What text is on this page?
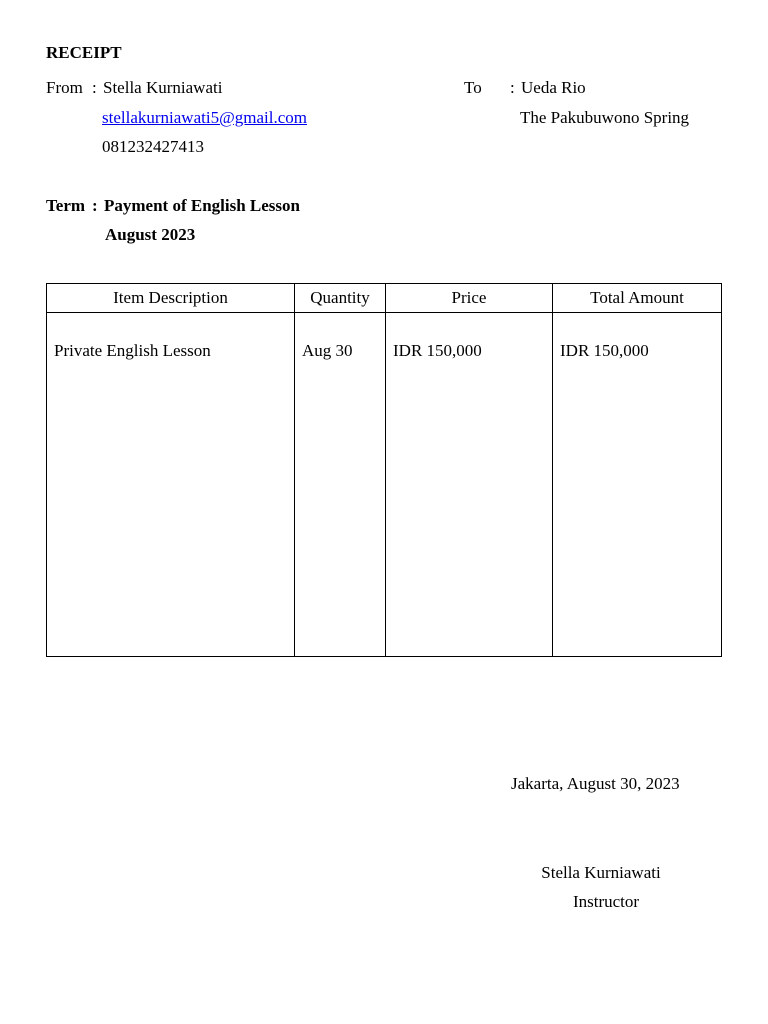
RECEIPT
From : Stella Kurniawati
stellakurniawati5@gmail.com
081232427413
To : Ueda Rio
The Pakubuwono Spring
Term : Payment of English Lesson
August 2023
Item Description	Quantity	Price	Total Amount
Private English Lesson	Aug 30	IDR 150,000	IDR 150,000
Jakarta, August 30, 2023
Stella Kurniawati
Instructor
